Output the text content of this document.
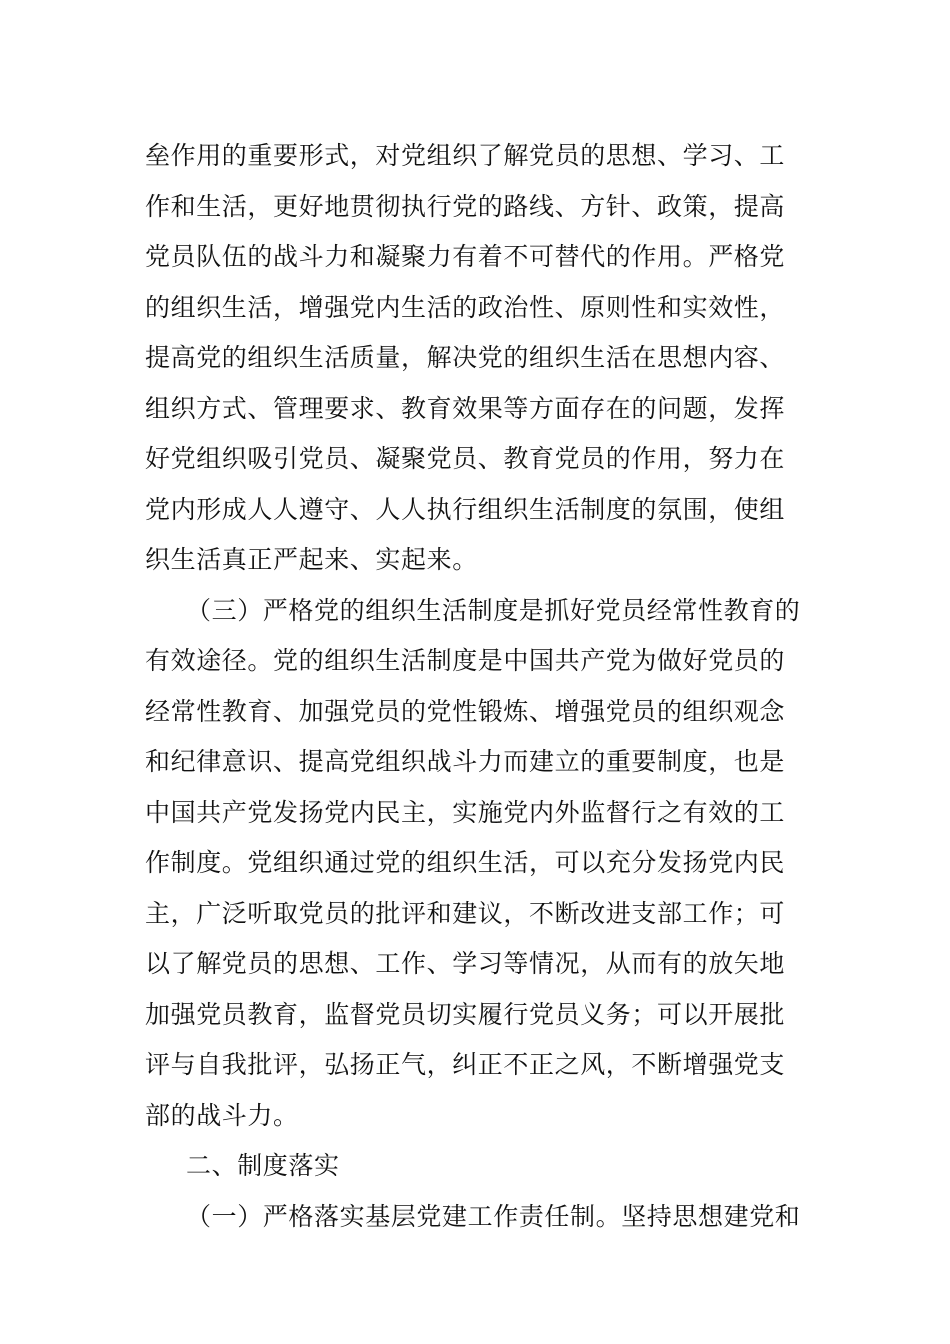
垒作用的重要形式，对党组织了解党员的思想、学习、工
作和生活，更好地贯彻执行党的路线、方针、政策，提高
党员队伍的战斗力和凝聚力有着不可替代的作用。严格党
的组织生活，增强党内生活的政治性、原则性和实效性，
提高党的组织生活质量，解决党的组织生活在思想内容、
组织方式、管理要求、教育效果等方面存在的问题，发挥
好党组织吸引党员、凝聚党员、教育党员的作用，努力在
党内形成人人遵守、人人执行组织生活制度的氛围，使组
织生活真正严起来、实起来。
（三）严格党的组织生活制度是抓好党员经常性教育的
有效途径。党的组织生活制度是中国共产党为做好党员的
经常性教育、加强党员的党性锻炼、增强党员的组织观念
和纪律意识、提高党组织战斗力而建立的重要制度，也是
中国共产党发扬党内民主，实施党内外监督行之有效的工
作制度。党组织通过党的组织生活，可以充分发扬党内民
主，广泛听取党员的批评和建议，不断改进支部工作；可
以了解党员的思想、工作、学习等情况，从而有的放矢地
加强党员教育，监督党员切实履行党员义务；可以开展批
评与自我批评，弘扬正气，纠正不正之风，不断增强党支
部的战斗力。
二、制度落实
（一）严格落实基层党建工作责任制。坚持思想建党和
